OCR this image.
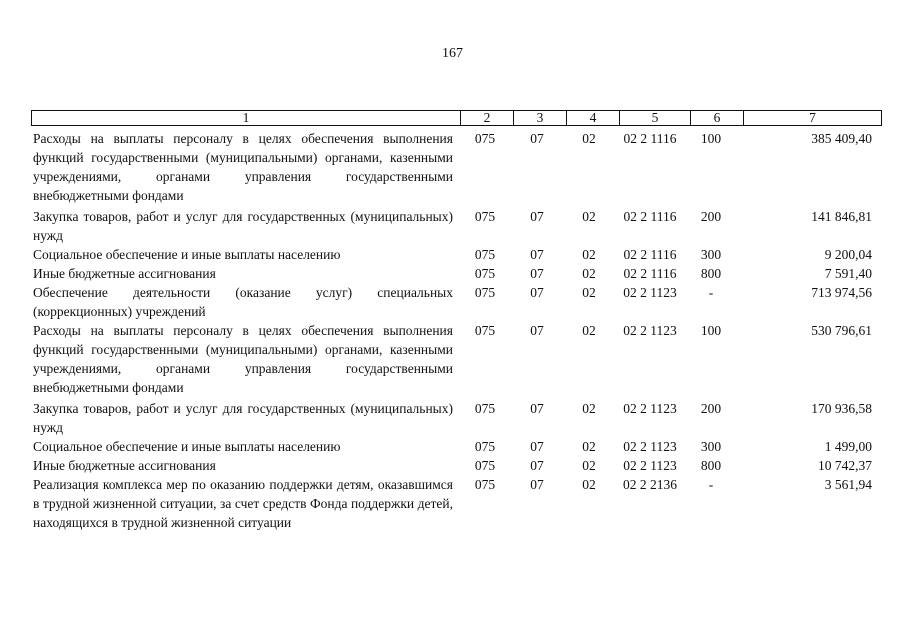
167
1	2	3	4	5	6	7
Расходы на выплаты персоналу в целях обеспечения выполнения функций государственными (муниципальными) органами, казенными учреждениями, органами управления государственными внебюджетными фондами	075	07	02	02 2 1116	100	385 409,40
Закупка товаров, работ и услуг для государственных (муниципальных) нужд	075	07	02	02 2 1116	200	141 846,81
Социальное обеспечение и иные выплаты населению	075	07	02	02 2 1116	300	9 200,04
Иные бюджетные ассигнования	075	07	02	02 2 1116	800	7 591,40
Обеспечение деятельности (оказание услуг) специальных (коррекционных) учреждений	075	07	02	02 2 1123	-	713 974,56
Расходы на выплаты персоналу в целях обеспечения выполнения функций государственными (муниципальными) органами, казенными учреждениями, органами управления государственными внебюджетными фондами	075	07	02	02 2 1123	100	530 796,61
Закупка товаров, работ и услуг для государственных (муниципальных) нужд	075	07	02	02 2 1123	200	170 936,58
Социальное обеспечение и иные выплаты населению	075	07	02	02 2 1123	300	1 499,00
Иные бюджетные ассигнования	075	07	02	02 2 1123	800	10 742,37
Реализация комплекса мер по оказанию поддержки детям, оказавшимся в трудной жизненной ситуации, за счет средств Фонда поддержки детей, находящихся в трудной жизненной ситуации	075	07	02	02 2 2136	-	3 561,94
